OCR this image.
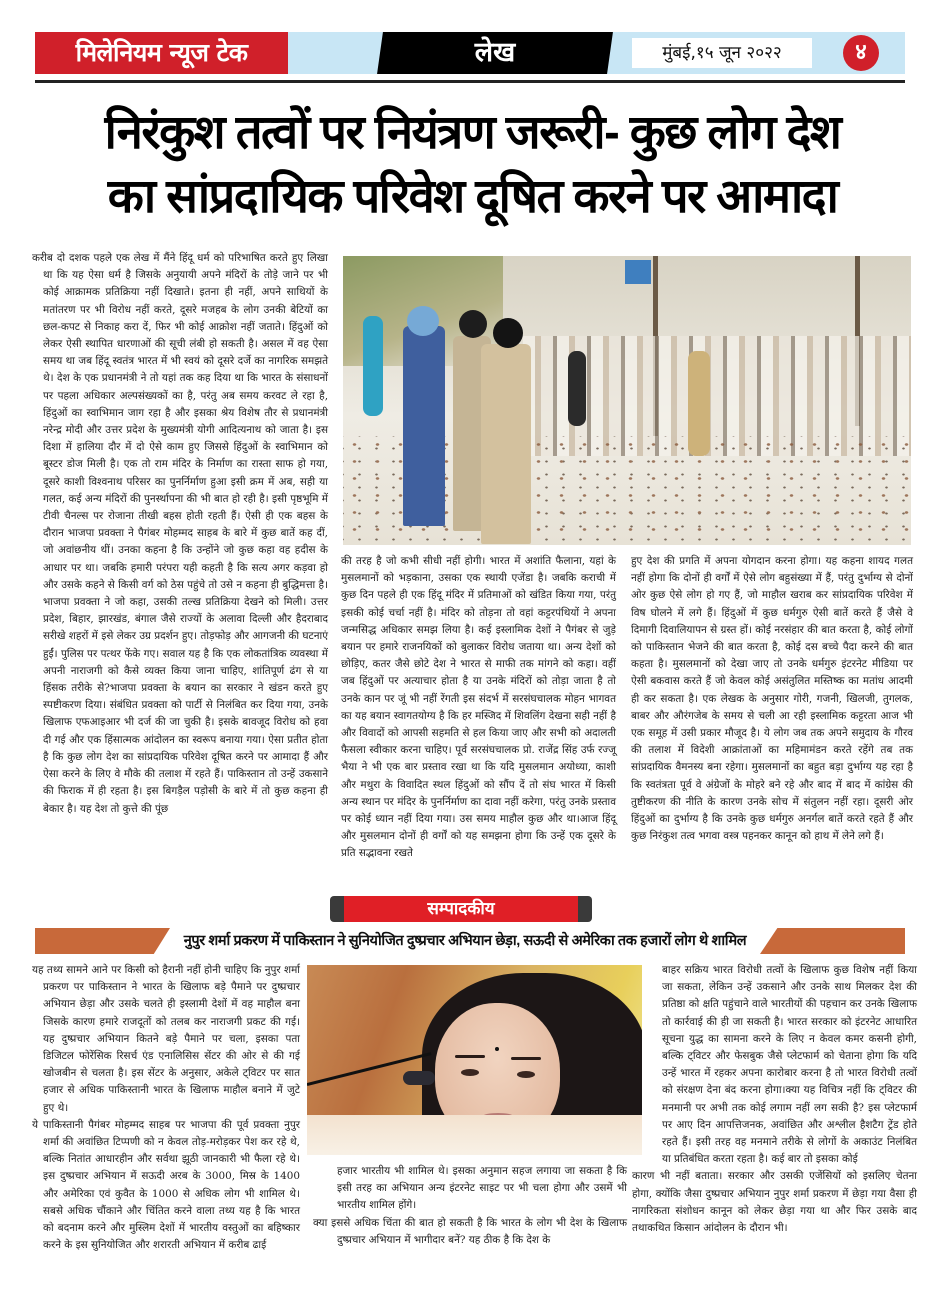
मिलेनियम न्यूज टेक	लेख	मुंबई,१५ जून २०२२	४
निरंकुश तत्वों पर नियंत्रण जरूरी- कुछ लोग देश
का सांप्रदायिक परिवेश दूषित करने पर आमादा

करीब दो दशक पहले एक लेख में मैंने हिंदू धर्म को परिभाषित करते हुए लिखा था कि यह ऐसा धर्म है जिसके अनुयायी अपने मंदिरों के तोड़े जाने पर भी कोई आक्रामक प्रतिक्रिया नहीं दिखाते। इतना ही नहीं, अपने साथियों के मतांतरण पर भी विरोध नहीं करते, दूसरे मजहब के लोग उनकी बेटियों का छल-कपट से निकाह करा दें, फिर भी कोई आक्रोश नहीं जताते। हिंदुओं को लेकर ऐसी स्थापित धारणाओं की सूची लंबी हो सकती है। असल में वह ऐसा समय था जब हिंदू स्वतंत्र भारत में भी स्वयं को दूसरे दर्जे का नागरिक समझते थे। देश के एक प्रधानमंत्री ने तो यहां तक कह दिया था कि भारत के संसाधनों पर पहला अधिकार अल्पसंख्यकों का है, परंतु अब समय करवट ले रहा है, हिंदुओं का स्वाभिमान जाग रहा है और इसका श्रेय विशेष तौर से प्रधानमंत्री नरेन्द्र मोदी और उत्तर प्रदेश के मुख्यमंत्री योगी आदित्यनाथ को जाता है। इस दिशा में हालिया दौर में दो ऐसे काम हुए जिससे हिंदुओं के स्वाभिमान को बूस्टर डोज मिली है। एक तो राम मंदिर के निर्माण का रास्ता साफ हो गया, दूसरे काशी विश्वनाथ परिसर का पुनर्निर्माण हुआ इसी क्रम में अब, सही या गलत, कई अन्य मंदिरों की पुनर्स्थापना की भी बात हो रही है। इसी पृष्ठभूमि में टीवी चैनल्स पर रोजाना तीखी बहस होती रहती हैं। ऐसी ही एक बहस के दौरान भाजपा प्रवक्ता ने पैगंबर मोहम्मद साहब के बारे में कुछ बातें कह दीं, जो अवांछनीय थीं। उनका कहना है कि उन्होंने जो कुछ कहा वह हदीस के आधार पर था। जबकि हमारी परंपरा यही कहती है कि सत्य अगर कड़वा हो और उसके कहने से किसी वर्ग को ठेस पहुंचे तो उसे न कहना ही बुद्धिमत्ता है। भाजपा प्रवक्ता ने जो कहा, उसकी तल्ख प्रतिक्रिया देखने को मिली। उत्तर प्रदेश, बिहार, झारखंड, बंगाल जैसे राज्यों के अलावा दिल्ली और हैदराबाद सरीखे शहरों में इसे लेकर उग्र प्रदर्शन हुए। तोड़फोड़ और आगजनी की घटनाएं हुईं। पुलिस पर पत्थर फेंके गए। सवाल यह है कि एक लोकतांत्रिक व्यवस्था में अपनी नाराजगी को कैसे व्यक्त किया जाना चाहिए, शांतिपूर्ण ढंग से या हिंसक तरीके से?भाजपा प्रवक्ता के बयान का सरकार ने खंडन करते हुए स्पष्टीकरण दिया। संबंधित प्रवक्ता को पार्टी से निलंबित कर दिया गया, उनके खिलाफ एफआइआर भी दर्ज की जा चुकी है। इसके बावजूद विरोध को हवा दी गई और एक हिंसात्मक आंदोलन का स्वरूप बनाया गया। ऐसा प्रतीत होता है कि कुछ लोग देश का सांप्रदायिक परिवेश दूषित करने पर आमादा हैं और ऐसा करने के लिए वे मौके की तलाश में रहते हैं। पाकिस्तान तो उन्हें उकसाने की फिराक में ही रहता है। इस बिगड़ैल पड़ोसी के बारे में तो कुछ कहना ही बेकार है। यह देश तो कुत्ते की पूंछ

की तरह है जो कभी सीधी नहीं होगी। भारत में अशांति फैलाना, यहां के मुसलमानों को भड़काना, उसका एक स्थायी एजेंडा है। जबकि कराची में कुछ दिन पहले ही एक हिंदू मंदिर में प्रतिमाओं को खंडित किया गया, परंतु इसकी कोई चर्चा नहीं है। मंदिर को तोड़ना तो वहां कट्टरपंथियों ने अपना जन्मसिद्ध अधिकार समझ लिया है। कई इस्लामिक देशों ने पैगंबर से जुड़े बयान पर हमारे राजनयिकों को बुलाकर विरोध जताया था। अन्य देशों को छोड़िए, कतर जैसे छोटे देश ने भारत से माफी तक मांगने को कहा। वहीं जब हिंदुओं पर अत्याचार होता है या उनके मंदिरों को तोड़ा जाता है तो उनके कान पर जूं भी नहीं रेंगती इस संदर्भ में सरसंघचालक मोहन भागवत का यह बयान स्वागतयोग्य है कि हर मस्जिद में शिवलिंग देखना सही नहीं है और विवादों को आपसी सहमति से हल किया जाए और सभी को अदालती फैसला स्वीकार करना चाहिए। पूर्व सरसंघचालक प्रो. राजेंद्र सिंह उर्फ रज्जू भैया ने भी एक बार प्रस्ताव रखा था कि यदि मुसलमान अयोध्या, काशी और मथुरा के विवादित स्थल हिंदुओं को सौंप दें तो संघ भारत में किसी अन्य स्थान पर मंदिर के पुनर्निर्माण का दावा नहीं करेगा, परंतु उनके प्रस्ताव पर कोई ध्यान नहीं दिया गया। उस समय माहौल कुछ और था।आज हिंदू और मुसलमान दोनों ही वर्गों को यह समझना होगा कि उन्हें एक दूसरे के प्रति सद्भावना रखते

हुए देश की प्रगति में अपना योगदान करना होगा। यह कहना शायद गलत नहीं होगा कि दोनों ही वर्गों में ऐसे लोग बहुसंख्या में हैं, परंतु दुर्भाग्य से दोनों ओर कुछ ऐसे लोग हो गए हैं, जो माहौल खराब कर सांप्रदायिक परिवेश में विष घोलने में लगे हैं। हिंदुओं में कुछ धर्मगुरु ऐसी बातें करते हैं जैसे वे दिमागी दिवालियापन से ग्रस्त हों। कोई नरसंहार की बात करता है, कोई लोगों को पाकिस्तान भेजने की बात करता है, कोई दस बच्चे पैदा करने की बात कहता है। मुसलमानों को देखा जाए तो उनके धर्मगुरु इंटरनेट मीडिया पर ऐसी बकवास करते हैं जो केवल कोई असंतुलित मस्तिष्क का मतांध आदमी ही कर सकता है। एक लेखक के अनुसार गोरी, गजनी, खिलजी, तुगलक, बाबर और औरंगजेब के समय से चली आ रही इस्लामिक कट्टरता आज भी एक समूह में उसी प्रकार मौजूद है। ये लोग जब तक अपने समुदाय के गौरव की तलाश में विदेशी आक्रांताओं का महिमामंडन करते रहेंगे तब तक सांप्रदायिक वैमनस्य बना रहेगा। मुसलमानों का बहुत बड़ा दुर्भाग्य यह रहा है कि स्वतंत्रता पूर्व वे अंग्रेजों के मोहरे बने रहे और बाद में बाद में कांग्रेस की तुष्टीकरण की नीति के कारण उनके सोच में संतुलन नहीं रहा। दूसरी ओर हिंदुओं का दुर्भाग्य है कि उनके कुछ धर्मगुरु अनर्गल बातें करते रहते हैं और कुछ निरंकुश तत्व भगवा वस्त्र पहनकर कानून को हाथ में लेने लगे हैं।

सम्पादकीय
नुपुर शर्मा प्रकरण में पाकिस्तान ने सुनियोजित दुष्प्रचार अभियान छेड़ा, सऊदी से अमेरिका तक हजारों लोग थे शामिल

यह तथ्य सामने आने पर किसी को हैरानी नहीं होनी चाहिए कि नुपुर शर्मा प्रकरण पर पाकिस्तान ने भारत के खिलाफ बड़े पैमाने पर दुष्प्रचार अभियान छेड़ा और उसके चलते ही इस्लामी देशों में वह माहौल बना जिसके कारण हमारे राजदूतों को तलब कर नाराजगी प्रकट की गई। यह दुष्प्रचार अभियान कितने बड़े पैमाने पर चला, इसका पता डिजिटल फोरेंसिक रिसर्च एंड एनालिसिस सेंटर की ओर से की गई खोजबीन से चलता है। इस सेंटर के अनुसार, अकेले ट्विटर पर सात हजार से अधिक पाकिस्तानी भारत के खिलाफ माहौल बनाने में जुटे हुए थे।

ये पाकिस्तानी पैगंबर मोहम्मद साहब पर भाजपा की पूर्व प्रवक्ता नुपुर शर्मा की अवांछित टिप्पणी को न केवल तोड़-मरोड़कर पेश कर रहे थे, बल्कि नितांत आधारहीन और सर्वथा झूठी जानकारी भी फैला रहे थे। इस दुष्प्रचार अभियान में सऊदी अरब के 3000, मिस्र के 1400 और अमेरिका एवं कुवैत के 1000 से अधिक लोग भी शामिल थे। सबसे अधिक चौंकाने और चिंतित करने वाला तथ्य यह है कि भारत को बदनाम करने और मुस्लिम देशों में भारतीय वस्तुओं का बहिष्कार करने के इस सुनियोजित और शरारती अभियान में करीब ढाई

हजार भारतीय भी शामिल थे। इसका अनुमान सहज लगाया जा सकता है कि इसी तरह का अभियान अन्य इंटरनेट साइट पर भी चला होगा और उसमें भी भारतीय शामिल होंगे।

क्या इससे अधिक चिंता की बात हो सकती है कि भारत के लोग भी देश के खिलाफ दुष्प्रचार अभियान में भागीदार बनें? यह ठीक है कि देश के

बाहर सक्रिय भारत विरोधी तत्वों के खिलाफ कुछ विशेष नहीं किया जा सकता, लेकिन उन्हें उकसाने और उनके साथ मिलकर देश की प्रतिष्ठा को क्षति पहुंचाने वाले भारतीयों की पहचान कर उनके खिलाफ तो कार्रवाई की ही जा सकती है। भारत सरकार को इंटरनेट आधारित सूचना युद्ध का सामना करने के लिए न केवल कमर कसनी होगी, बल्कि ट्विटर और फेसबुक जैसे प्लेटफार्म को चेताना होगा कि यदि उन्हें भारत में रहकर अपना कारोबार करना है तो भारत विरोधी तत्वों को संरक्षण देना बंद करना होगा।क्या यह विचित्र नहीं कि ट्विटर की मनमानी पर अभी तक कोई लगाम नहीं लग सकी है? इस प्लेटफार्म पर आए दिन आपत्तिजनक, अवांछित और अश्लील हैशटैग ट्रेंड होते रहते हैं। इसी तरह वह मनमाने तरीके से लोगों के अकाउंट निलंबित या प्रतिबंधित करता रहता है। कई बार तो इसका कोई

कारण भी नहीं बताता। सरकार और उसकी एजेंसियों को इसलिए चेतना होगा, क्योंकि जैसा दुष्प्रचार अभियान नुपुर शर्मा प्रकरण में छेड़ा गया वैसा ही नागरिकता संशोधन कानून को लेकर छेड़ा गया था और फिर उसके बाद तथाकथित किसान आंदोलन के दौरान भी।
